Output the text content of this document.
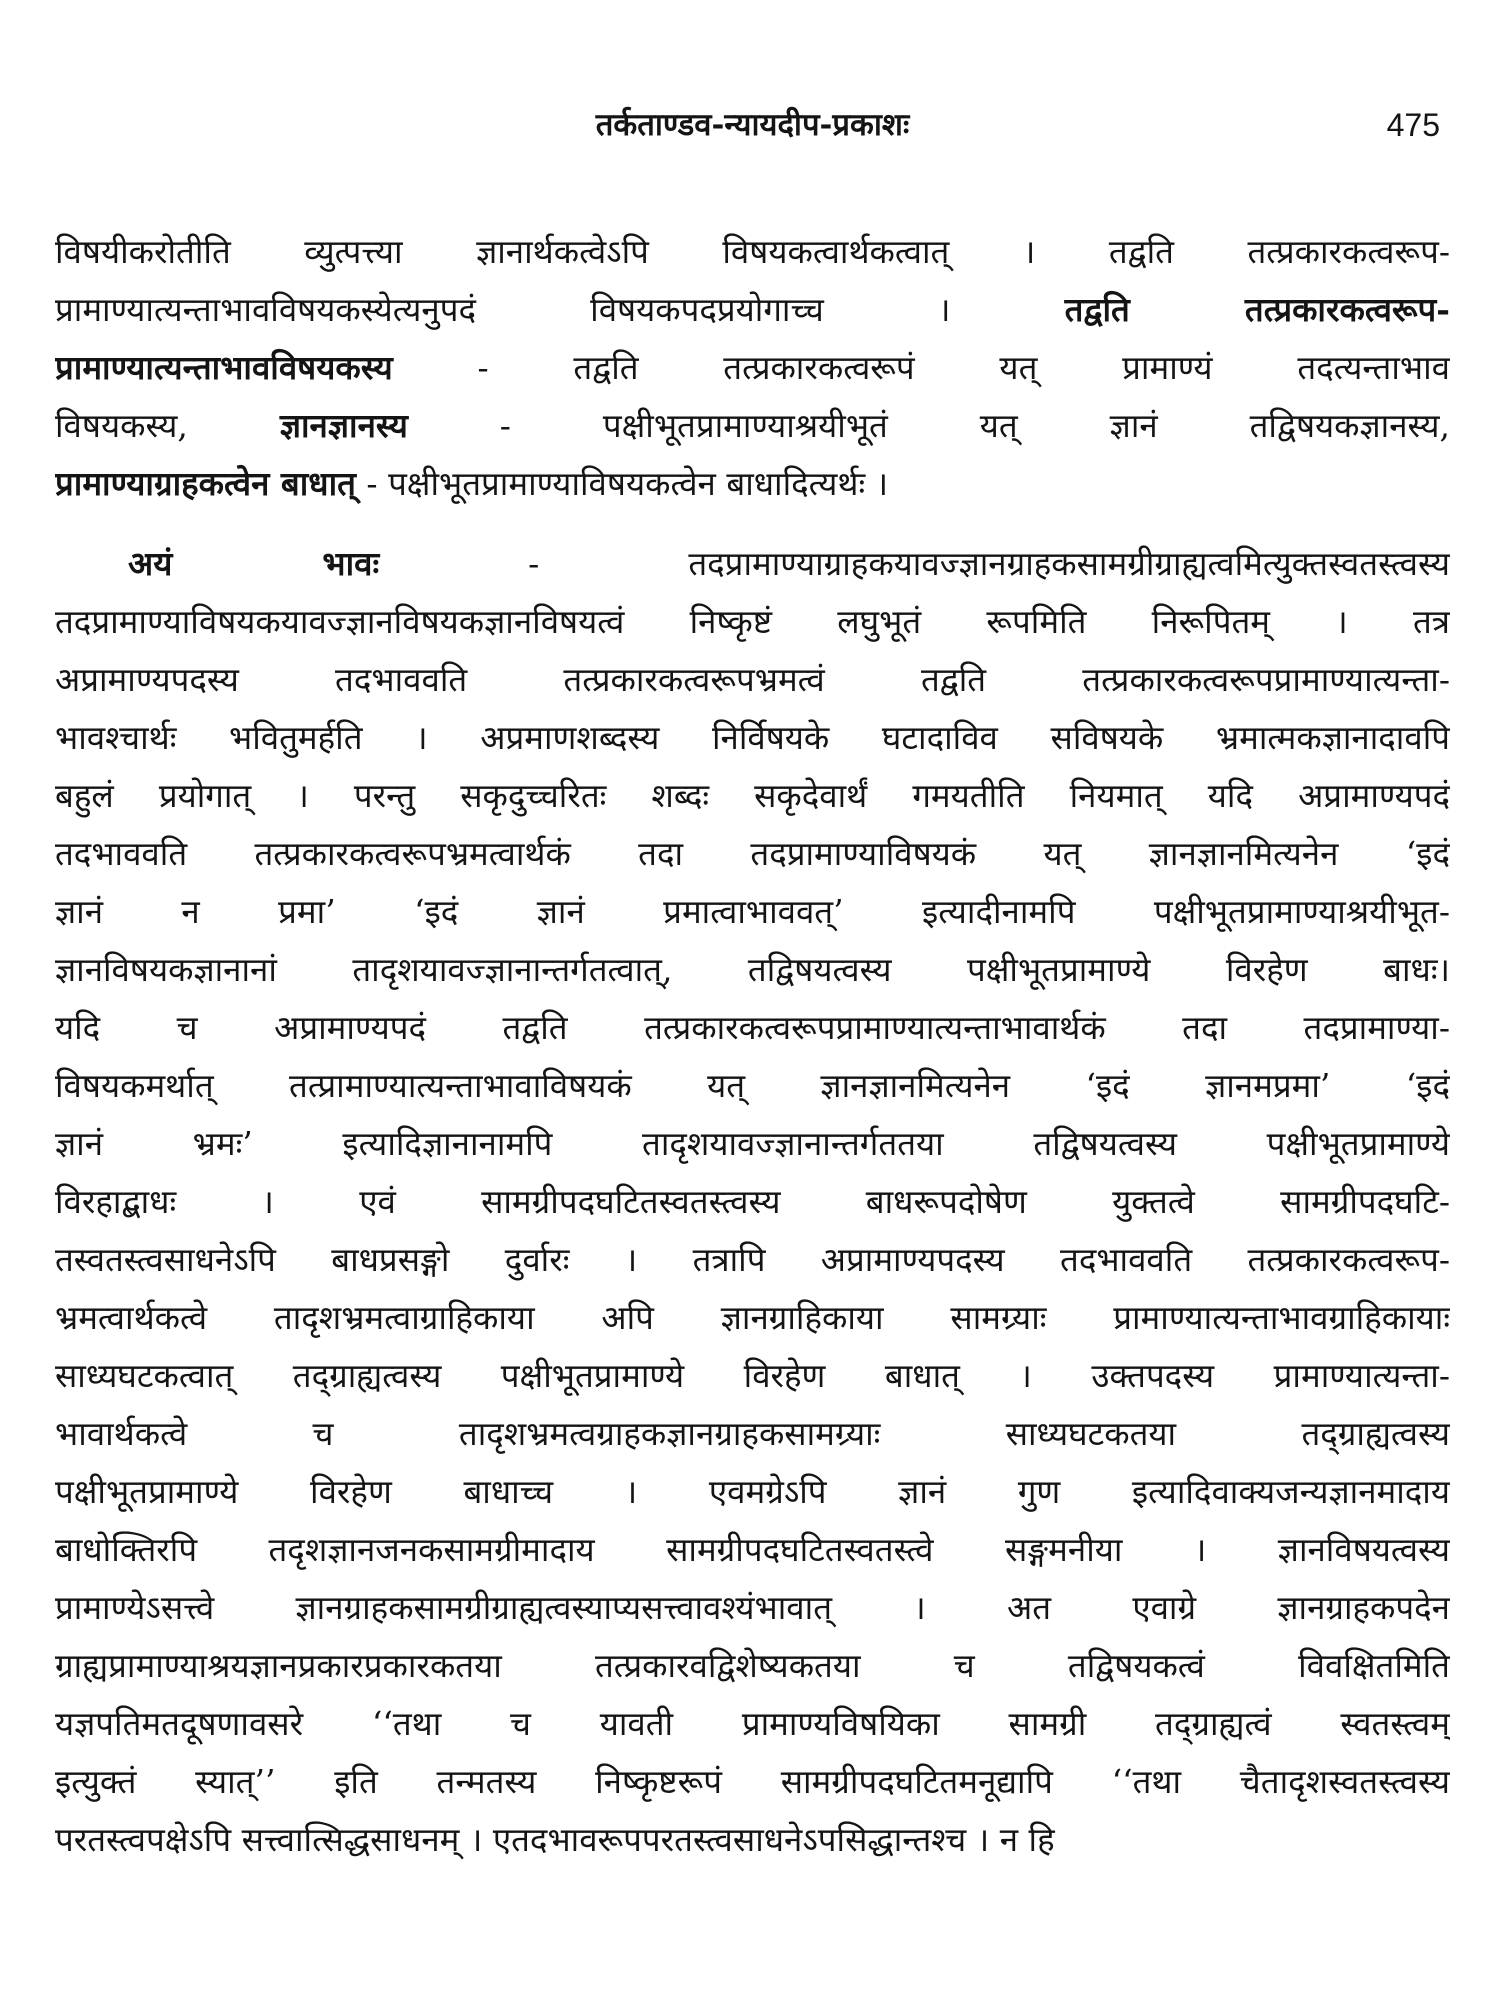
तर्कताण्डव-न्यायदीप-प्रकाशः	475
विषयीकरोतीति व्युत्पत्त्या ज्ञानार्थकत्वेऽपि विषयकत्वार्थकत्वात् । तद्वति तत्प्रकारकत्वरूप-
प्रामाण्यात्यन्ताभावविषयकस्येत्यनुपदं विषयकपदप्रयोगाच्च । तद्वति तत्प्रकारकत्वरूप-
प्रामाण्यात्यन्ताभावविषयकस्य - तद्वति तत्प्रकारकत्वरूपं यत् प्रामाण्यं तदत्यन्ताभाव
विषयकस्य, ज्ञानज्ञानस्य - पक्षीभूतप्रामाण्याश्रयीभूतं यत् ज्ञानं तद्विषयकज्ञानस्य,
प्रामाण्याग्राहकत्वेन बाधात् - पक्षीभूतप्रामाण्याविषयकत्वेन बाधादित्यर्थः ।
अयं भावः - तदप्रामाण्याग्राहकयावज्ज्ञानग्राहकसामग्रीग्राह्यत्वमित्युक्तस्वतस्त्वस्य
तदप्रामाण्याविषयकयावज्ज्ञानविषयकज्ञानविषयत्वं निष्कृष्टं लघुभूतं रूपमिति निरूपितम् । तत्र
अप्रामाण्यपदस्य तदभाववति तत्प्रकारकत्वरूपभ्रमत्वं तद्वति तत्प्रकारकत्वरूपप्रामाण्यात्यन्ता-
भावश्चार्थः भवितुमर्हति । अप्रमाणशब्दस्य निर्विषयके घटादाविव सविषयके भ्रमात्मकज्ञानादावपि
बहुलं प्रयोगात् । परन्तु सकृदुच्चरितः शब्दः सकृदेवार्थं गमयतीति नियमात् यदि अप्रामाण्यपदं
तदभाववति तत्प्रकारकत्वरूपभ्रमत्वार्थकं तदा तदप्रामाण्याविषयकं यत् ज्ञानज्ञानमित्यनेन ‘इदं
ज्ञानं न प्रमा’ ‘इदं ज्ञानं प्रमात्वाभाववत्’ इत्यादीनामपि पक्षीभूतप्रामाण्याश्रयीभूत-
ज्ञानविषयकज्ञानानां तादृशयावज्ज्ञानान्तर्गतत्वात्, तद्विषयत्वस्य पक्षीभूतप्रामाण्ये विरहेण बाधः।
यदि च अप्रामाण्यपदं तद्वति तत्प्रकारकत्वरूपप्रामाण्यात्यन्ताभावार्थकं तदा तदप्रामाण्या-
विषयकमर्थात् तत्प्रामाण्यात्यन्ताभावाविषयकं यत् ज्ञानज्ञानमित्यनेन ‘इदं ज्ञानमप्रमा’ ‘इदं
ज्ञानं भ्रमः’ इत्यादिज्ञानानामपि तादृशयावज्ज्ञानान्तर्गततया तद्विषयत्वस्य पक्षीभूतप्रामाण्ये
विरहाद्बाधः । एवं सामग्रीपदघटितस्वतस्त्वस्य बाधरूपदोषेण युक्तत्वे सामग्रीपदघटि-
तस्वतस्त्वसाधनेऽपि बाधप्रसङ्गो दुर्वारः । तत्रापि अप्रामाण्यपदस्य तदभाववति तत्प्रकारकत्वरूप-
भ्रमत्वार्थकत्वे तादृशभ्रमत्वाग्राहिकाया अपि ज्ञानग्राहिकाया सामग्र्याः प्रामाण्यात्यन्ताभावग्राहिकायाः
साध्यघटकत्वात् तद्ग्राह्यत्वस्य पक्षीभूतप्रामाण्ये विरहेण बाधात् । उक्तपदस्य प्रामाण्यात्यन्ता-
भावार्थकत्वे च तादृशभ्रमत्वग्राहकज्ञानग्राहकसामग्र्याः साध्यघटकतया तद्ग्राह्यत्वस्य
पक्षीभूतप्रामाण्ये विरहेण बाधाच्च । एवमग्रेऽपि ज्ञानं गुण इत्यादिवाक्यजन्यज्ञानमादाय
बाधोक्तिरपि तदृशज्ञानजनकसामग्रीमादाय सामग्रीपदघटितस्वतस्त्वे सङ्गमनीया । ज्ञानविषयत्वस्य
प्रामाण्येऽसत्त्वे ज्ञानग्राहकसामग्रीग्राह्यत्वस्याप्यसत्त्वावश्यंभावात् । अत एवाग्रे ज्ञानग्राहकपदेन
ग्राह्यप्रामाण्याश्रयज्ञानप्रकारप्रकारकतया तत्प्रकारवद्विशेष्यकतया च तद्विषयकत्वं विवक्षितमिति
यज्ञपतिमतदूषणावसरे ‘‘तथा च यावती प्रामाण्यविषयिका सामग्री तद्ग्राह्यत्वं स्वतस्त्वम्
इत्युक्तं स्यात्’’ इति तन्मतस्य निष्कृष्टरूपं सामग्रीपदघटितमनूद्यापि ‘‘तथा चैतादृशस्वतस्त्वस्य
परतस्त्वपक्षेऽपि सत्त्वात्सिद्धसाधनम् । एतदभावरूपपरतस्त्वसाधनेऽपसिद्धान्तश्च । न हि
